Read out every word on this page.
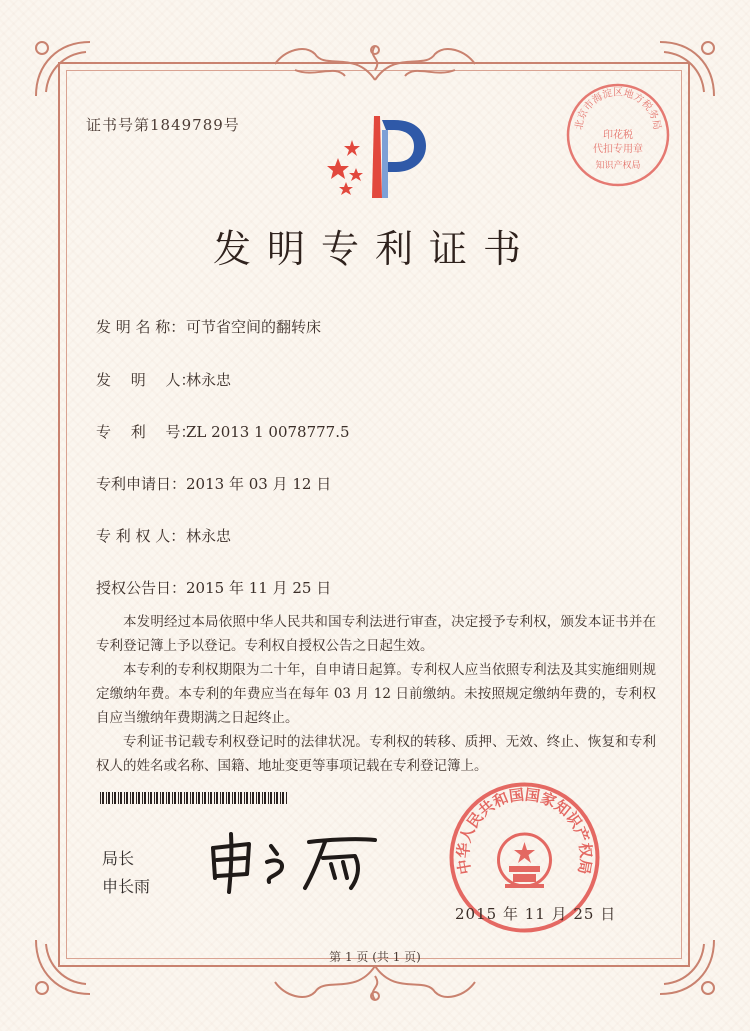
证书号第1849789号	北京市海淀区地方税务局
印花税
代扣专用章
知识产权局
发明专利证书
发 明 名 称：可节省空间的翻转床
发　 明 　人：林永忠
专　 利 　号：ZL 2013 1 0078777.5
专利申请日：2013 年 03 月 12 日
专 利 权 人：林永忠
授权公告日：2015 年 11 月 25 日

本发明经过本局依照中华人民共和国专利法进行审查，决定授予专利权，颁发本证书并在专利登记簿上予以登记。专利权自授权公告之日起生效。

本专利的专利权期限为二十年，自申请日起算。专利权人应当依照专利法及其实施细则规定缴纳年费。本专利的年费应当在每年 03 月 12 日前缴纳。未按照规定缴纳年费的，专利权自应当缴纳年费期满之日起终止。

专利证书记载专利权登记时的法律状况。专利权的转移、质押、无效、终止、恢复和专利权人的姓名或名称、国籍、地址变更等事项记载在专利登记簿上。

局长
申长雨
中华人民共和国国家知识产权局
2015 年 11 月 25 日
第 1 页 (共 1 页)
